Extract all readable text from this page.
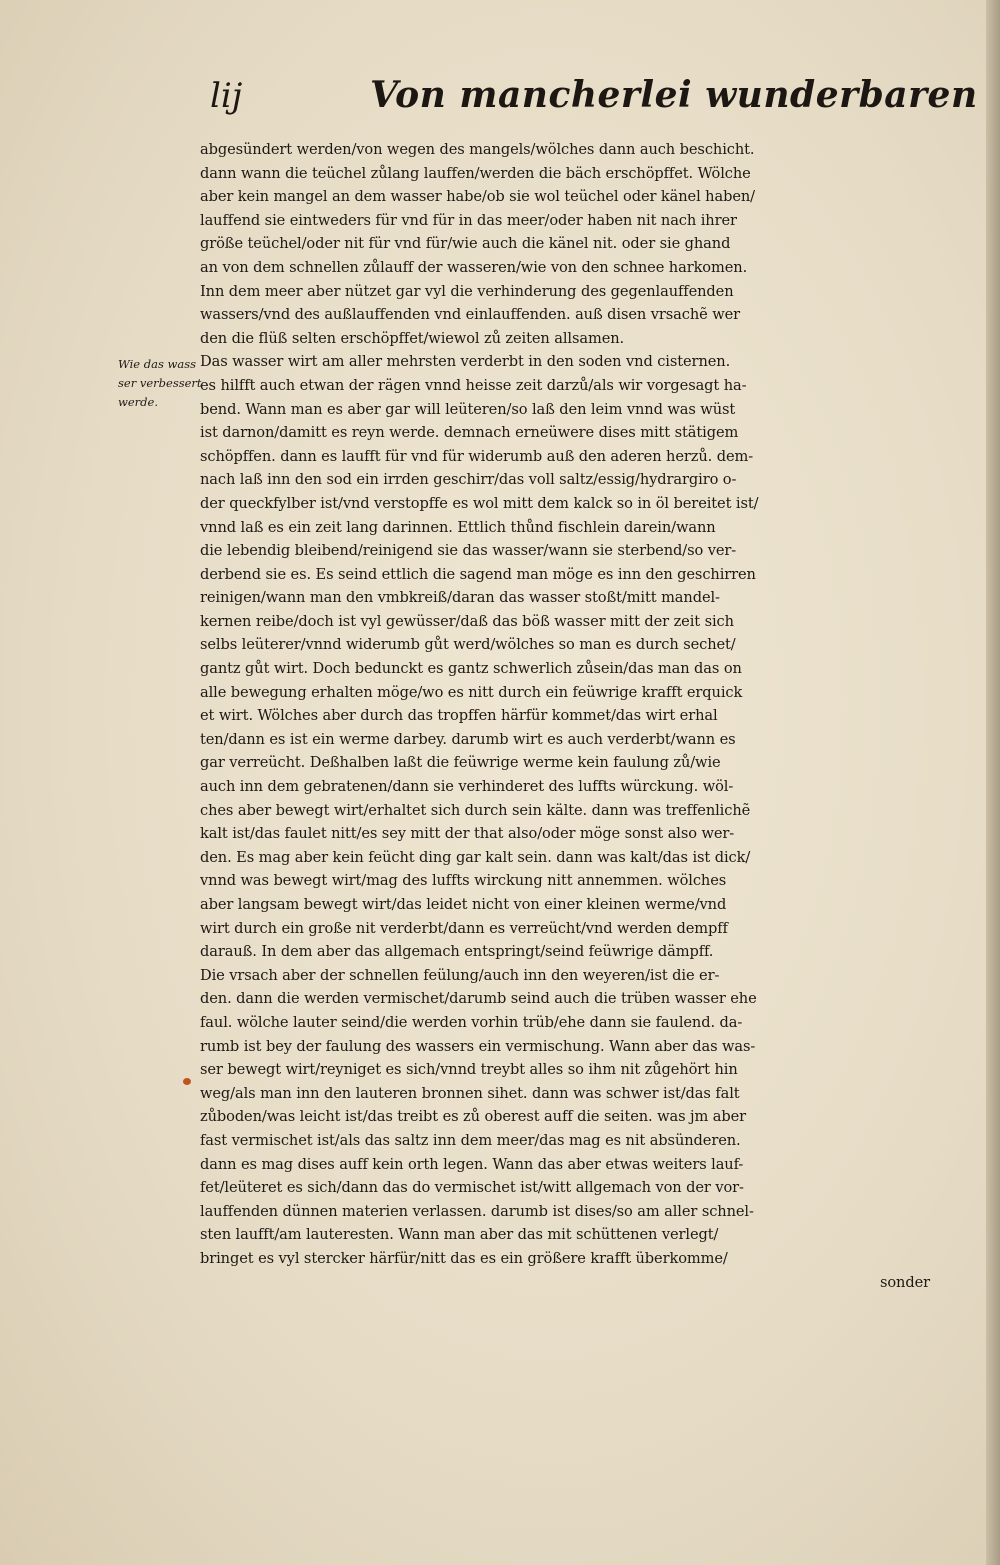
lij	Von mancherlei wunderbaren
Wie das wass
ser verbessert
werde.
abgesündert werden/von wegen des mangels/wölches dann auch beschicht.
dann wann die teüchel zůlang lauffen/werden die bäch erschöpffet. Wölche
aber kein mangel an dem wasser habe/ob sie wol teüchel oder känel haben/
lauffend sie eintweders für vnd für in das meer/oder haben nit nach ihrer
größe teüchel/oder nit für vnd für/wie auch die känel nit. oder sie ghand
an von dem schnellen zůlauff der wasseren/wie von den schnee harkomen.
Inn dem meer aber nützet gar vyl die verhinderung des gegenlauffenden
wassers/vnd des außlauffenden vnd einlauffenden. auß disen vrsachẽ wer
den die flüß selten erschöpffet/wiewol zů zeiten allsamen.
Das wasser wirt am aller mehrsten verderbt in den soden vnd cisternen.
es hilfft auch etwan der rägen vnnd heisse zeit darzů/als wir vorgesagt ha-
bend. Wann man es aber gar will leüteren/so laß den leim vnnd was wüst
ist darnon/damitt es reyn werde. demnach erneüwere dises mitt stätigem
schöpffen. dann es laufft für vnd für widerumb auß den aderen herzů. dem-
nach laß inn den sod ein irrden geschirr/das voll saltz/essig/hydrargiro o-
der queckfylber ist/vnd verstopffe es wol mitt dem kalck so in öl bereitet ist/
vnnd laß es ein zeit lang darinnen. Ettlich thůnd fischlein darein/wann
die lebendig bleibend/reinigend sie das wasser/wann sie sterbend/so ver-
derbend sie es. Es seind ettlich die sagend man möge es inn den geschirren
reinigen/wann man den vmbkreiß/daran das wasser stoßt/mitt mandel-
kernen reibe/doch ist vyl gewüsser/daß das böß wasser mitt der zeit sich
selbs leüterer/vnnd widerumb gůt werd/wölches so man es durch sechet/
gantz gůt wirt. Doch bedunckt es gantz schwerlich zůsein/das man das on
alle bewegung erhalten möge/wo es nitt durch ein feüwrige krafft erquick
et wirt. Wölches aber durch das tropffen härfür kommet/das wirt erhal
ten/dann es ist ein werme darbey. darumb wirt es auch verderbt/wann es
gar verreücht. Deßhalben laßt die feüwrige werme kein faulung zů/wie
auch inn dem gebratenen/dann sie verhinderet des luffts würckung. wöl-
ches aber bewegt wirt/erhaltet sich durch sein kälte. dann was treffenlichẽ
kalt ist/das faulet nitt/es sey mitt der that also/oder möge sonst also wer-
den. Es mag aber kein feücht ding gar kalt sein. dann was kalt/das ist dick/
vnnd was bewegt wirt/mag des luffts wirckung nitt annemmen. wölches
aber langsam bewegt wirt/das leidet nicht von einer kleinen werme/vnd
wirt durch ein große nit verderbt/dann es verreücht/vnd werden dempff
darauß. In dem aber das allgemach entspringt/seind feüwrige dämpff.
Die vrsach aber der schnellen feülung/auch inn den weyeren/ist die er-
den. dann die werden vermischet/darumb seind auch die trüben wasser ehe
faul. wölche lauter seind/die werden vorhin trüb/ehe dann sie faulend. da-
rumb ist bey der faulung des wassers ein vermischung. Wann aber das was-
ser bewegt wirt/reyniget es sich/vnnd treybt alles so ihm nit zůgehört hin
weg/als man inn den lauteren bronnen sihet. dann was schwer ist/das falt
zůboden/was leicht ist/das treibt es zů oberest auff die seiten. was jm aber
fast vermischet ist/als das saltz inn dem meer/das mag es nit absünderen.
dann es mag dises auff kein orth legen. Wann das aber etwas weiters lauf-
fet/leüteret es sich/dann das do vermischet ist/witt allgemach von der vor-
lauffenden dünnen materien verlassen. darumb ist dises/so am aller schnel-
sten laufft/am lauteresten. Wann man aber das mit schüttenen verlegt/
bringet es vyl stercker härfür/nitt das es ein größere krafft überkomme/
sonder
